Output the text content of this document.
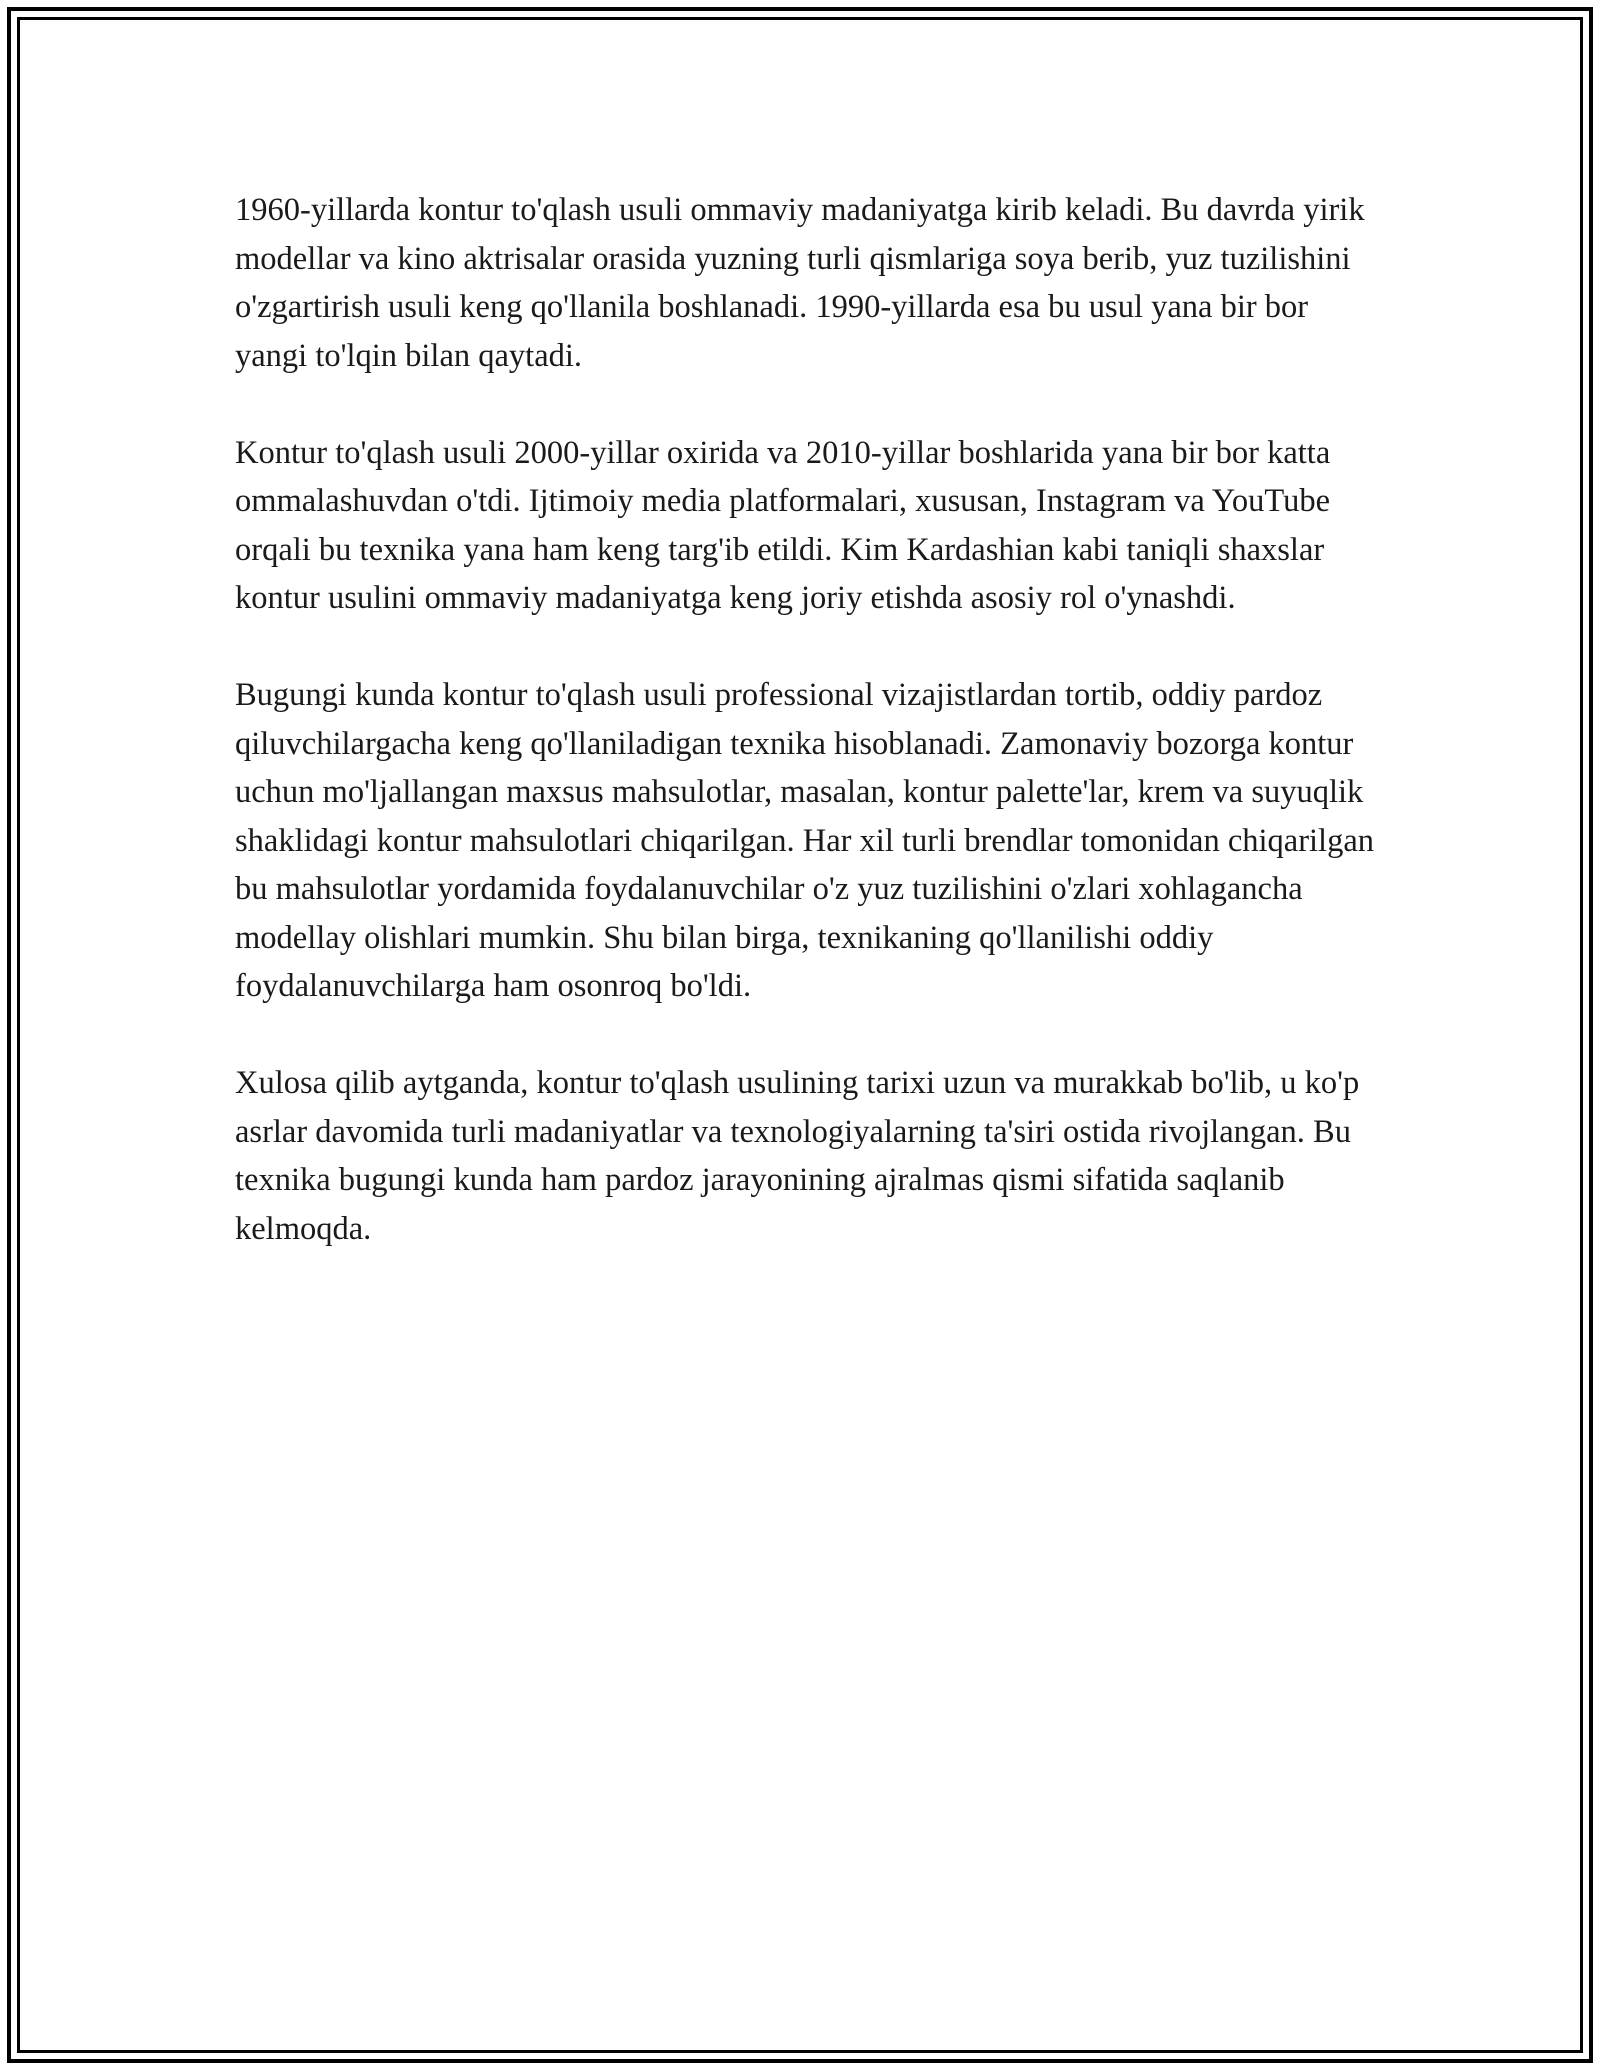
1960-yillarda kontur to'qlash usuli ommaviy madaniyatga kirib keladi. Bu davrda yirik modellar va kino aktrisalar orasida yuzning turli qismlariga soya berib, yuz tuzilishini o'zgartirish usuli keng qo'llanila boshlanadi. 1990-yillarda esa bu usul yana bir bor yangi to'lqin bilan qaytadi.

Kontur to'qlash usuli 2000-yillar oxirida va 2010-yillar boshlarida yana bir bor katta ommalashuvdan o'tdi. Ijtimoiy media platformalari, xususan, Instagram va YouTube orqali bu texnika yana ham keng targ'ib etildi. Kim Kardashian kabi taniqli shaxslar kontur usulini ommaviy madaniyatga keng joriy etishda asosiy rol o'ynashdi.

Bugungi kunda kontur to'qlash usuli professional vizajistlardan tortib, oddiy pardoz qiluvchilargacha keng qo'llaniladigan texnika hisoblanadi. Zamonaviy bozorga kontur uchun mo'ljallangan maxsus mahsulotlar, masalan, kontur palette'lar, krem va suyuqlik shaklidagi kontur mahsulotlari chiqarilgan. Har xil turli brendlar tomonidan chiqarilgan bu mahsulotlar yordamida foydalanuvchilar o'z yuz tuzilishini o'zlari xohlagancha modellay olishlari mumkin. Shu bilan birga, texnikaning qo'llanilishi oddiy foydalanuvchilarga ham osonroq bo'ldi.

Xulosa qilib aytganda, kontur to'qlash usulining tarixi uzun va murakkab bo'lib, u ko'p asrlar davomida turli madaniyatlar va texnologiyalarning ta'siri ostida rivojlangan. Bu texnika bugungi kunda ham pardoz jarayonining ajralmas qismi sifatida saqlanib kelmoqda.
